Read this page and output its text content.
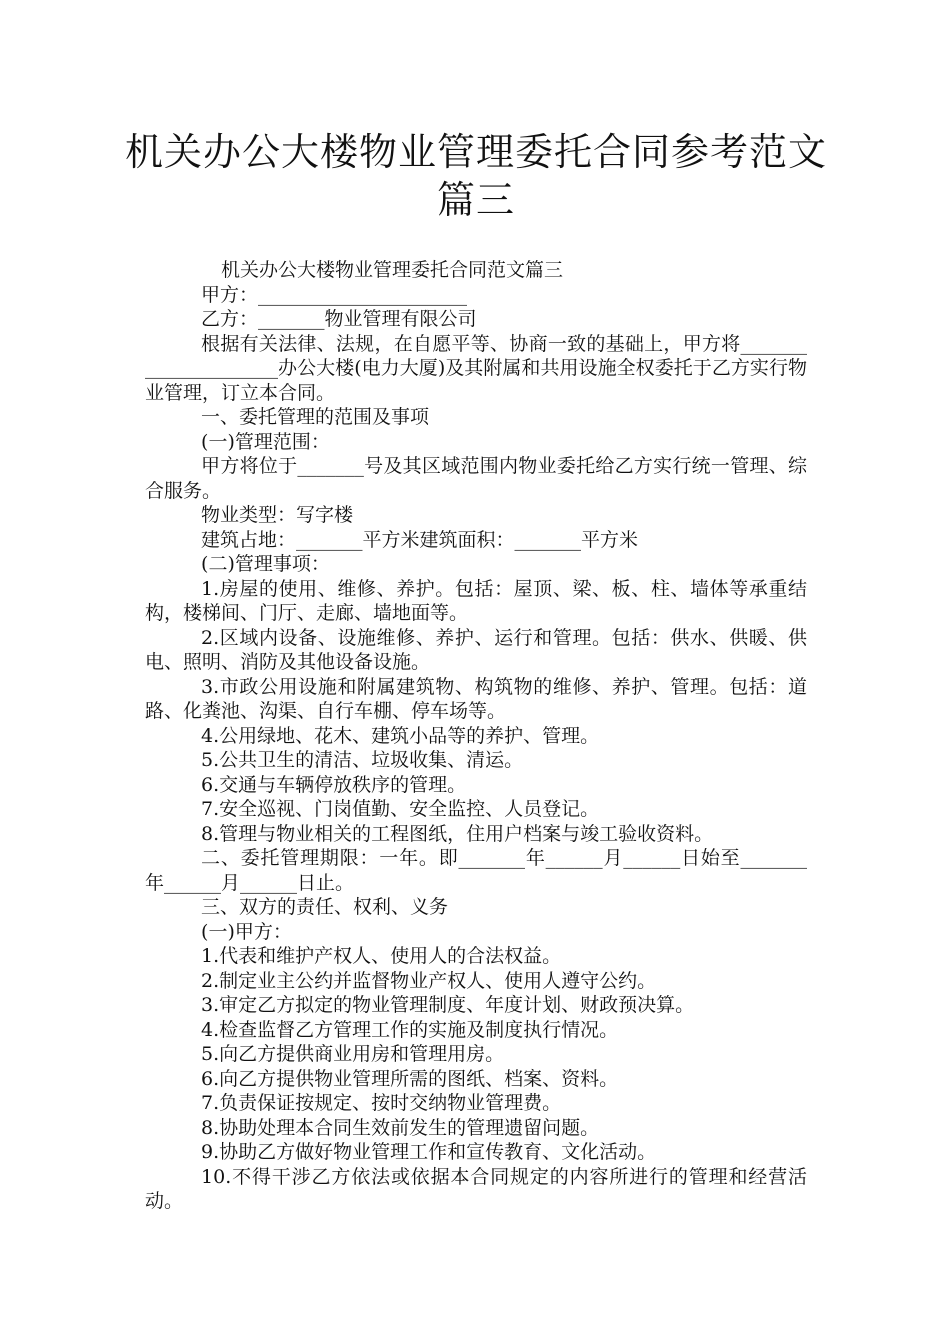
机关办公大楼物业管理委托合同参考范文
篇三

机关办公大楼物业管理委托合同范文篇三

甲方：______________________

乙方：_______物业管理有限公司

根据有关法律、法规，在自愿平等、协商一致的基础上，甲方将_____________________办公大楼(电力大厦)及其附属和共用设施全权委托于乙方实行物业管理，订立本合同。

一、委托管理的范围及事项

(一)管理范围：

甲方将位于_______号及其区域范围内物业委托给乙方实行统一管理、综合服务。

物业类型：写字楼

建筑占地：_______平方米建筑面积：_______平方米

(二)管理事项：

1.房屋的使用、维修、养护。包括：屋顶、梁、板、柱、墙体等承重结构，楼梯间、门厅、走廊、墙地面等。

2.区域内设备、设施维修、养护、运行和管理。包括：供水、供暖、供电、照明、消防及其他设备设施。

3.市政公用设施和附属建筑物、构筑物的维修、养护、管理。包括：道路、化粪池、沟渠、自行车棚、停车场等。

4.公用绿地、花木、建筑小品等的养护、管理。

5.公共卫生的清洁、垃圾收集、清运。

6.交通与车辆停放秩序的管理。

7.安全巡视、门岗值勤、安全监控、人员登记。

8.管理与物业相关的工程图纸，住用户档案与竣工验收资料。

二、委托管理期限：一年。即_______年______月______日始至_______年______月______日止。

三、双方的责任、权利、义务

(一)甲方：

1.代表和维护产权人、使用人的合法权益。

2.制定业主公约并监督物业产权人、使用人遵守公约。

3.审定乙方拟定的物业管理制度、年度计划、财政预决算。

4.检查监督乙方管理工作的实施及制度执行情况。

5.向乙方提供商业用房和管理用房。

6.向乙方提供物业管理所需的图纸、档案、资料。

7.负责保证按规定、按时交纳物业管理费。

8.协助处理本合同生效前发生的管理遗留问题。

9.协助乙方做好物业管理工作和宣传教育、文化活动。

10.不得干涉乙方依法或依据本合同规定的内容所进行的管理和经营活动。
